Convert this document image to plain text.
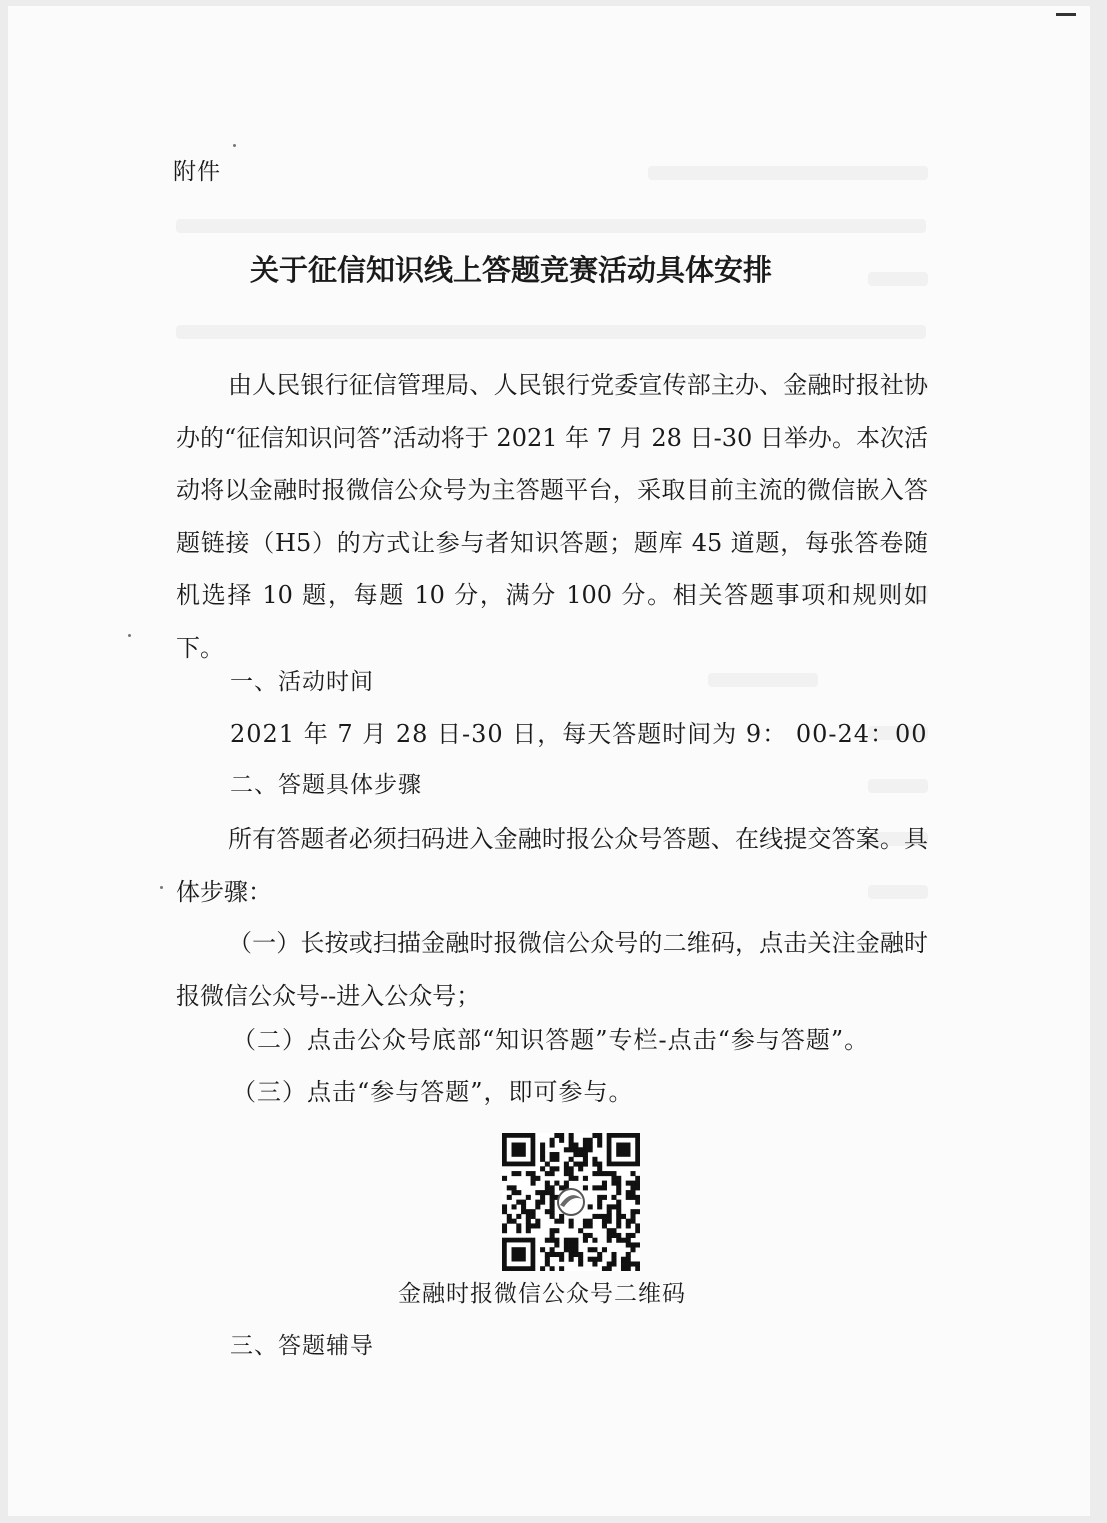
附件
关于征信知识线上答题竞赛活动具体安排
由人民银行征信管理局、人民银行党委宣传部主办、金融时报社协办的“征信知识问答”活动将于 2021 年 7 月 28 日-30 日举办。本次活动将以金融时报微信公众号为主答题平台，采取目前主流的微信嵌入答题链接（H5）的方式让参与者知识答题；题库 45 道题，每张答卷随机选择 10 题，每题 10 分，满分 100 分。相关答题事项和规则如下。
一、活动时间
2021 年 7 月 28 日-30 日，每天答题时间为 9： 00-24：00
二、答题具体步骤
所有答题者必须扫码进入金融时报公众号答题、在线提交答案。具体步骤：
（一）长按或扫描金融时报微信公众号的二维码，点击关注金融时报微信公众号--进入公众号；
（二）点击公众号底部“知识答题”专栏-点击“参与答题”。
（三）点击“参与答题”，即可参与。
金融时报微信公众号二维码
三、答题辅导
